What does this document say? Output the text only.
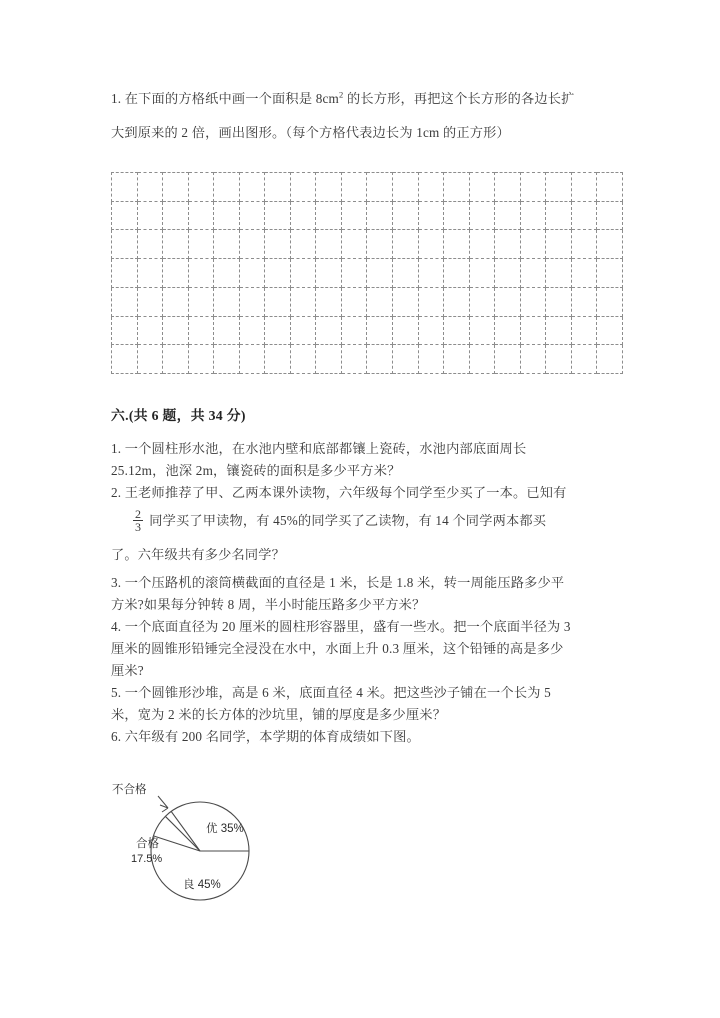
1. 在下面的方格纸中画一个面积是 $8cm^2$ 的长方形，再把这个长方形的各边长扩
大到原来的 2 倍，画出图形。（每个方格代表边长为 1cm 的正方形）

六.(共 6 题，共 34 分)
1. 一个圆柱形水池，在水池内壁和底部都镶上瓷砖，水池内部底面周长
25.12m，池深 2m，镶瓷砖的面积是多少平方米？
2. 王老师推荐了甲、乙两本课外读物，六年级每个同学至少买了一本。已知有
$\frac{2}{3}$ 同学买了甲读物，有 45%的同学买了乙读物，有 14 个同学两本都买
了。六年级共有多少名同学？
3. 一个压路机的滚筒横截面的直径是 1 米，长是 1.8 米，转一周能压路多少平
方米?如果每分钟转 8 周，半小时能压路多少平方米？
4. 一个底面直径为 20 厘米的圆柱形容器里，盛有一些水。把一个底面半径为 3
厘米的圆锥形铅锤完全浸没在水中，水面上升 0.3 厘米，这个铅锤的高是多少
厘米?
5. 一个圆锥形沙堆，高是 6 米，底面直径 4 米。把这些沙子铺在一个长为 5
米，宽为 2 米的长方体的沙坑里，铺的厚度是多少厘米？
6. 六年级有 200 名同学，本学期的体育成绩如下图。
优 35%
良 45%
合格
17.5%
不合格
